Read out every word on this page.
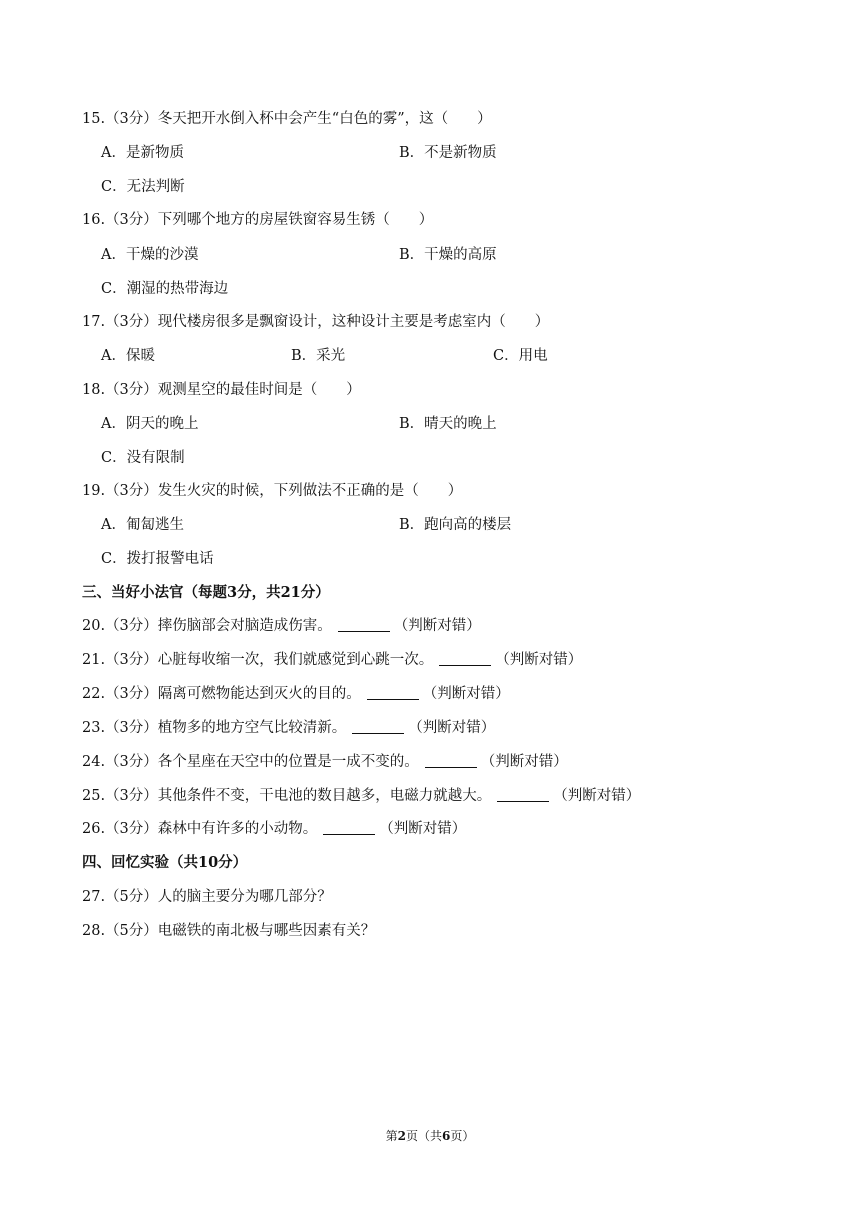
15.（3分）冬天把开水倒入杯中会产生“白色的雾”，这（　　）
A．是新物质	B．不是新物质
C．无法判断
16.（3分）下列哪个地方的房屋铁窗容易生锈（　　）
A．干燥的沙漠	B．干燥的高原
C．潮湿的热带海边
17.（3分）现代楼房很多是飘窗设计，这种设计主要是考虑室内（　　）
A．保暖	B．采光	C．用电
18.（3分）观测星空的最佳时间是（　　）
A．阴天的晚上	B．晴天的晚上
C．没有限制
19.（3分）发生火灾的时候，下列做法不正确的是（　　）
A．匍匐逃生	B．跑向高的楼层
C．拨打报警电话
三、当好小法官（每题3分，共21分）
20.（3分）摔伤脑部会对脑造成伤害。	（判断对错）
21.（3分）心脏每收缩一次，我们就感觉到心跳一次。	（判断对错）
22.（3分）隔离可燃物能达到灭火的目的。	（判断对错）
23.（3分）植物多的地方空气比较清新。	（判断对错）
24.（3分）各个星座在天空中的位置是一成不变的。	（判断对错）
25.（3分）其他条件不变，干电池的数目越多，电磁力就越大。	（判断对错）
26.（3分）森林中有许多的小动物。	（判断对错）
四、回忆实验（共10分）
27.（5分）人的脑主要分为哪几部分？
28.（5分）电磁铁的南北极与哪些因素有关？
第2页（共6页）
